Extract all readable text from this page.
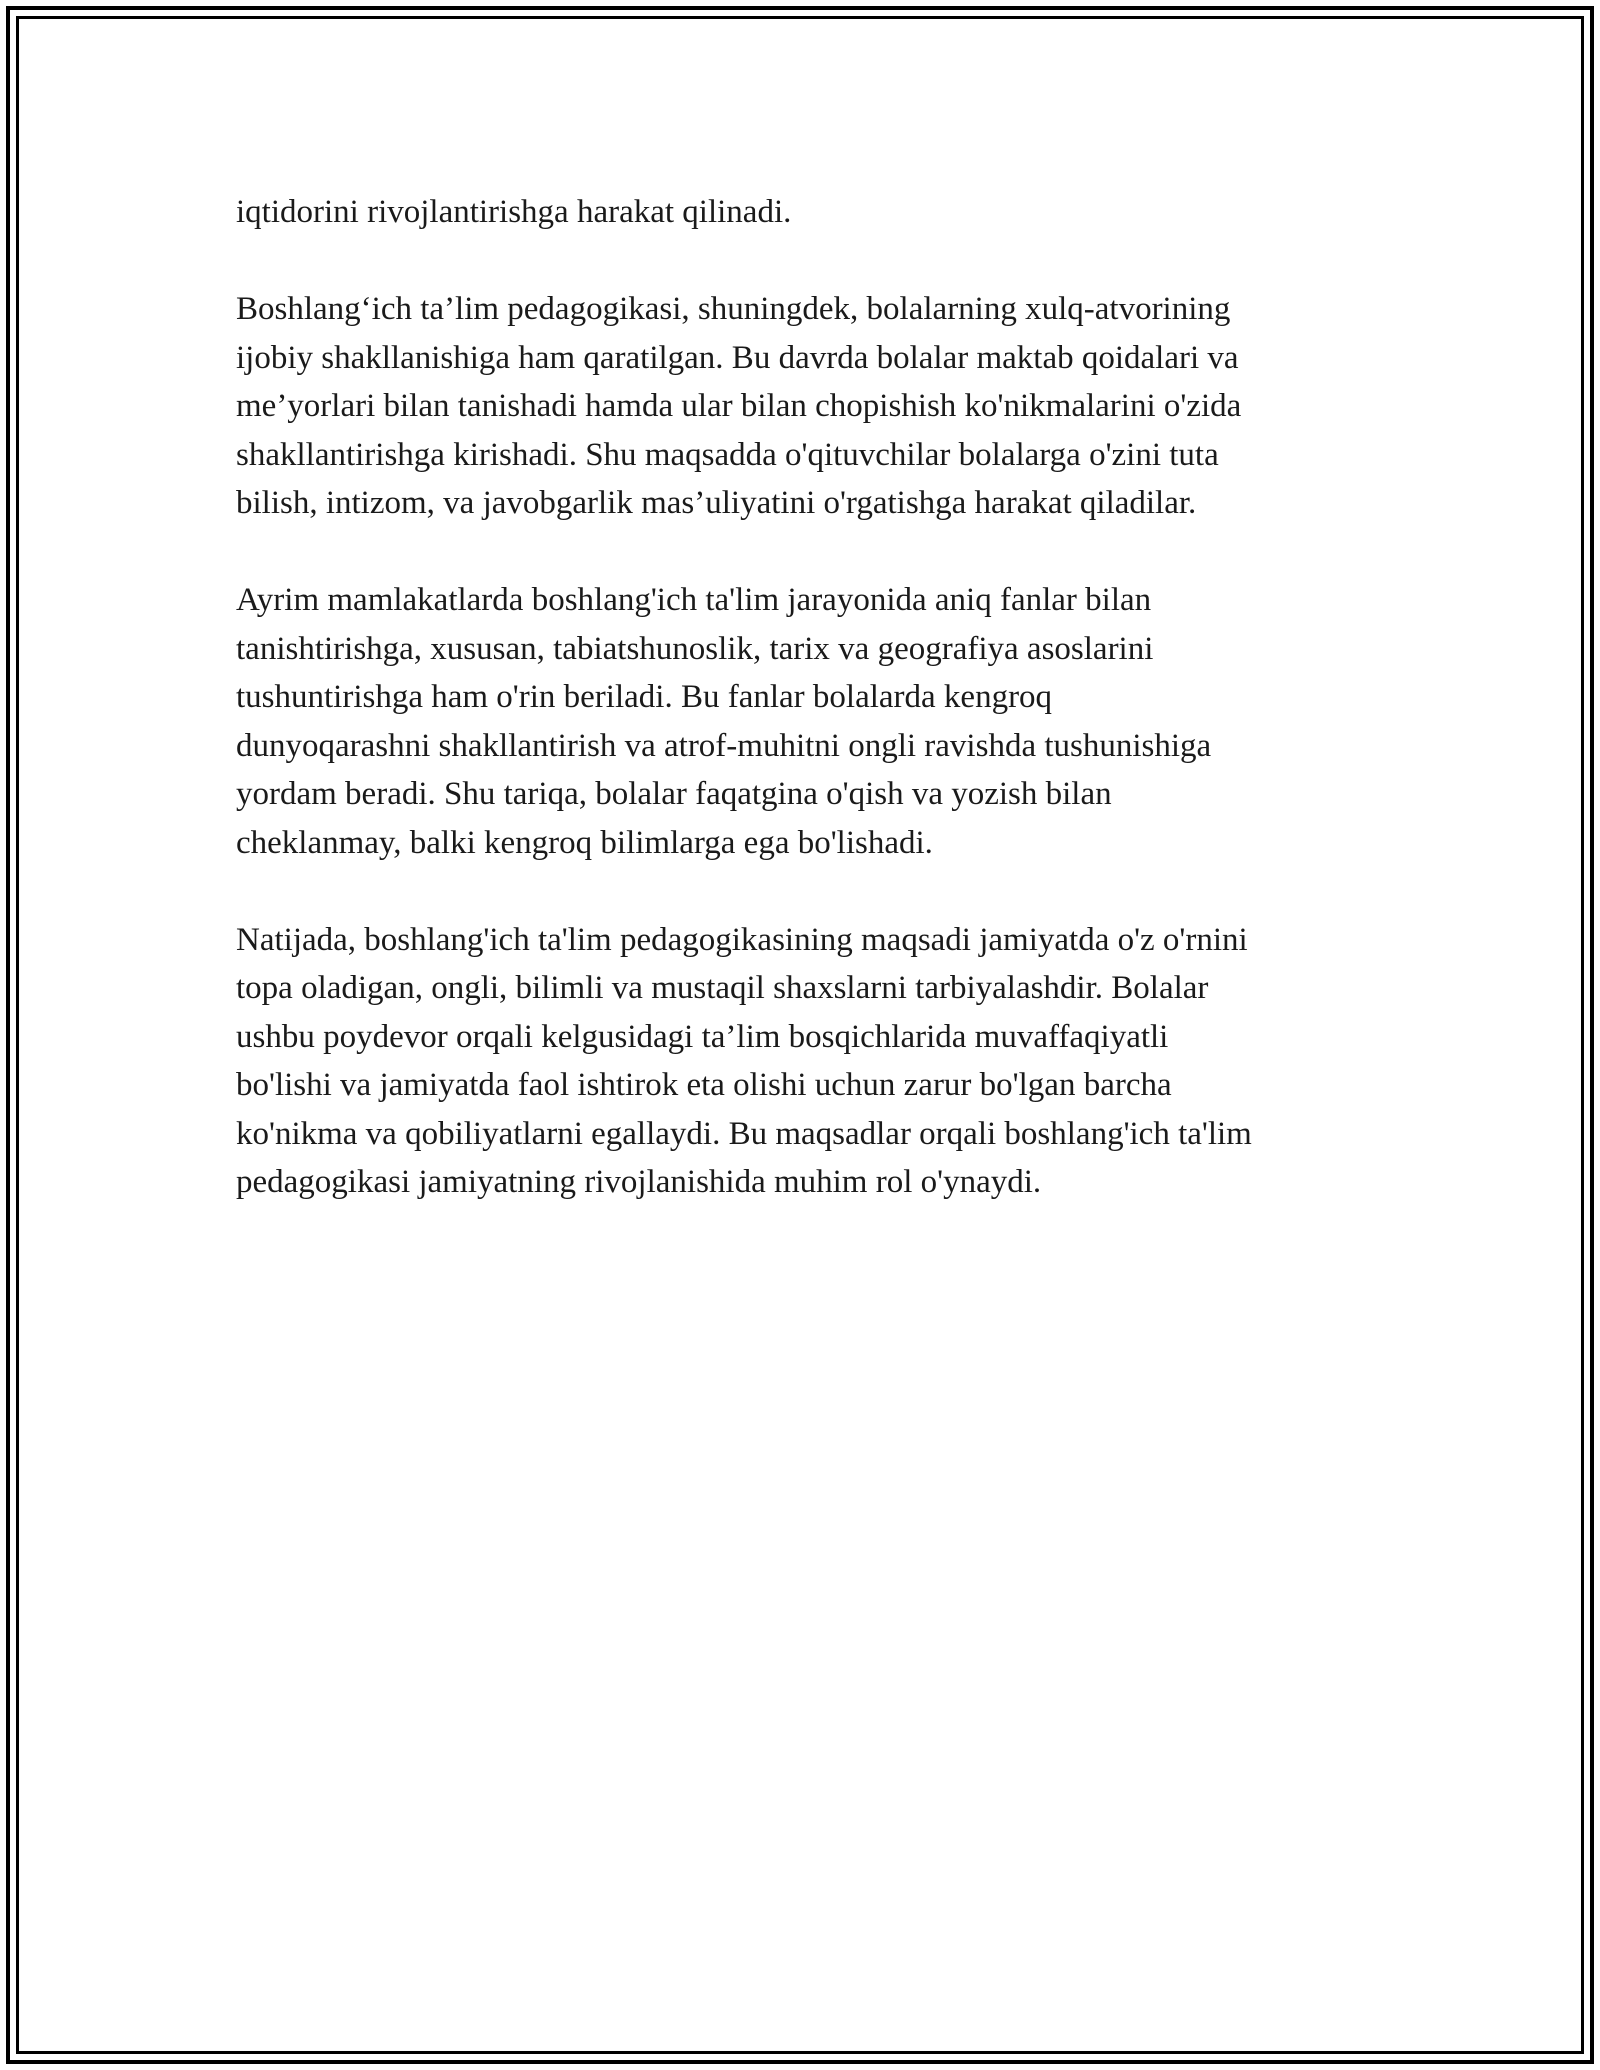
iqtidorini rivojlantirishga harakat qilinadi.
Boshlang‘ich ta’lim pedagogikasi, shuningdek, bolalarning xulq-atvorining
ijobiy shakllanishiga ham qaratilgan. Bu davrda bolalar maktab qoidalari va
me’yorlari bilan tanishadi hamda ular bilan chopishish ko'nikmalarini o'zida
shakllantirishga kirishadi. Shu maqsadda o'qituvchilar bolalarga o'zini tuta
bilish, intizom, va javobgarlik mas’uliyatini o'rgatishga harakat qiladilar.
Ayrim mamlakatlarda boshlang'ich ta'lim jarayonida aniq fanlar bilan
tanishtirishga, xususan, tabiatshunoslik, tarix va geografiya asoslarini
tushuntirishga ham o'rin beriladi. Bu fanlar bolalarda kengroq
dunyoqarashni shakllantirish va atrof-muhitni ongli ravishda tushunishiga
yordam beradi. Shu tariqa, bolalar faqatgina o'qish va yozish bilan
cheklanmay, balki kengroq bilimlarga ega bo'lishadi.
Natijada, boshlang'ich ta'lim pedagogikasining maqsadi jamiyatda o'z o'rnini
topa oladigan, ongli, bilimli va mustaqil shaxslarni tarbiyalashdir. Bolalar
ushbu poydevor orqali kelgusidagi ta’lim bosqichlarida muvaffaqiyatli
bo'lishi va jamiyatda faol ishtirok eta olishi uchun zarur bo'lgan barcha
ko'nikma va qobiliyatlarni egallaydi. Bu maqsadlar orqali boshlang'ich ta'lim
pedagogikasi jamiyatning rivojlanishida muhim rol o'ynaydi.
